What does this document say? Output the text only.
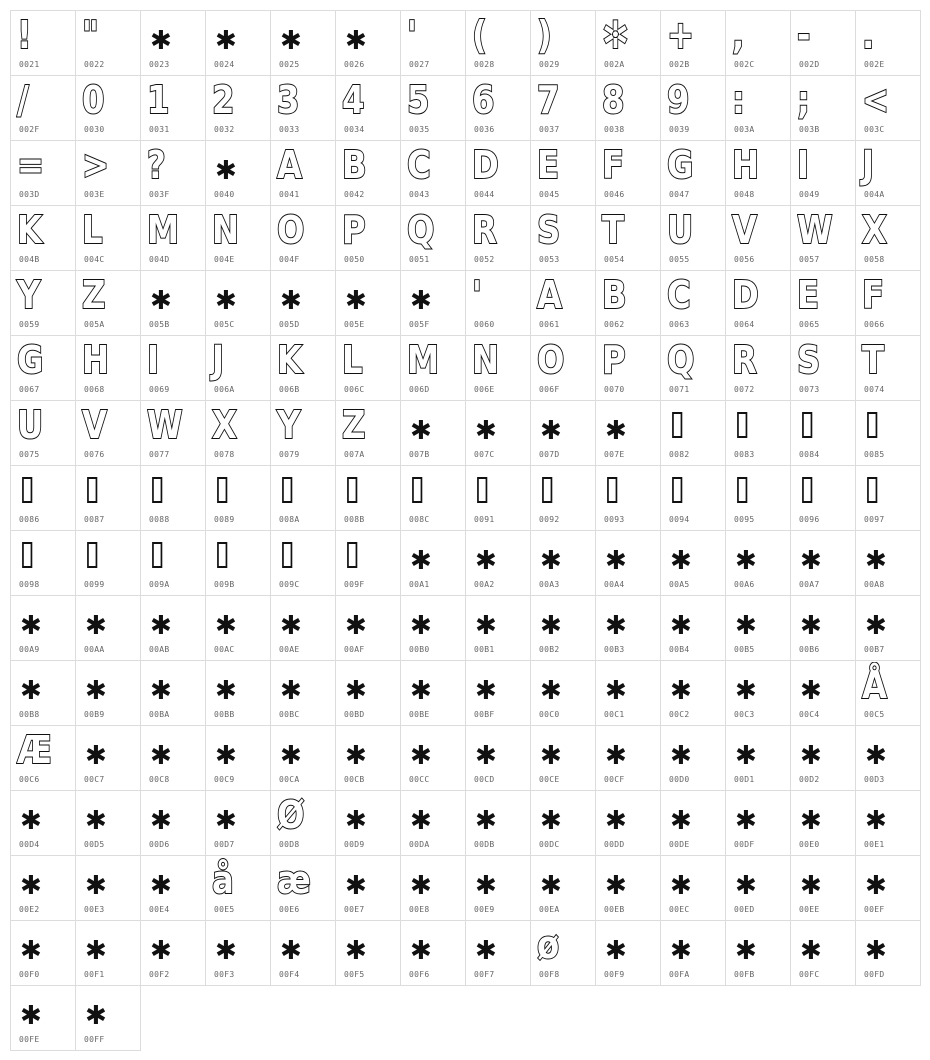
!
0021
"
0022
✱
0023
✱
0024
✱
0025
✱
0026
'
0027
(
0028
)
0029
✲
002A
+
002B
,
002C
-
002D
.
002E
/
002F
0
0030
1
0031
2
0032
3
0033
4
0034
5
0035
6
0036
7
0037
8
0038
9
0039
:
003A
;
003B
<
003C
=
003D
>
003E
?
003F
✱
0040
A
0041
B
0042
C
0043
D
0044
E
0045
F
0046
G
0047
H
0048
I
0049
J
004A
K
004B
L
004C
M
004D
N
004E
O
004F
P
0050
Q
0051
R
0052
S
0053
T
0054
U
0055
V
0056
W
0057
X
0058
Y
0059
Z
005A
✱
005B
✱
005C
✱
005D
✱
005E
✱
005F
'
0060
A
0061
B
0062
C
0063
D
0064
E
0065
F
0066
G
0067
H
0068
I
0069
J
006A
K
006B
L
006C
M
006D
N
006E
O
006F
P
0070
Q
0071
R
0072
S
0073
T
0074
U
0075
V
0076
W
0077
X
0078
Y
0079
Z
007A
✱
007B
✱
007C
✱
007D
✱
007E	0082	0083	0084	0085
0086	0087	0088	0089	008A	008B	008C	0091	0092	0093	0094	0095	0096	0097
0098	0099	009A	009B	009C	009F
✱
00A1
✱
00A2
✱
00A3
✱
00A4
✱
00A5
✱
00A6
✱
00A7
✱
00A8
✱
00A9
✱
00AA
✱
00AB
✱
00AC
✱
00AE
✱
00AF
✱
00B0
✱
00B1
✱
00B2
✱
00B3
✱
00B4
✱
00B5
✱
00B6
✱
00B7
✱
00B8
✱
00B9
✱
00BA
✱
00BB
✱
00BC
✱
00BD
✱
00BE
✱
00BF
✱
00C0
✱
00C1
✱
00C2
✱
00C3
✱
00C4
Å
00C5
Æ
00C6
✱
00C7
✱
00C8
✱
00C9
✱
00CA
✱
00CB
✱
00CC
✱
00CD
✱
00CE
✱
00CF
✱
00D0
✱
00D1
✱
00D2
✱
00D3
✱
00D4
✱
00D5
✱
00D6
✱
00D7
Ø
00D8
✱
00D9
✱
00DA
✱
00DB
✱
00DC
✱
00DD
✱
00DE
✱
00DF
✱
00E0
✱
00E1
✱
00E2
✱
00E3
✱
00E4
å
00E5
æ
00E6
✱
00E7
✱
00E8
✱
00E9
✱
00EA
✱
00EB
✱
00EC
✱
00ED
✱
00EE
✱
00EF
✱
00F0
✱
00F1
✱
00F2
✱
00F3
✱
00F4
✱
00F5
✱
00F6
✱
00F7
ø
00F8
✱
00F9
✱
00FA
✱
00FB
✱
00FC
✱
00FD
✱
00FE
✱
00FF
